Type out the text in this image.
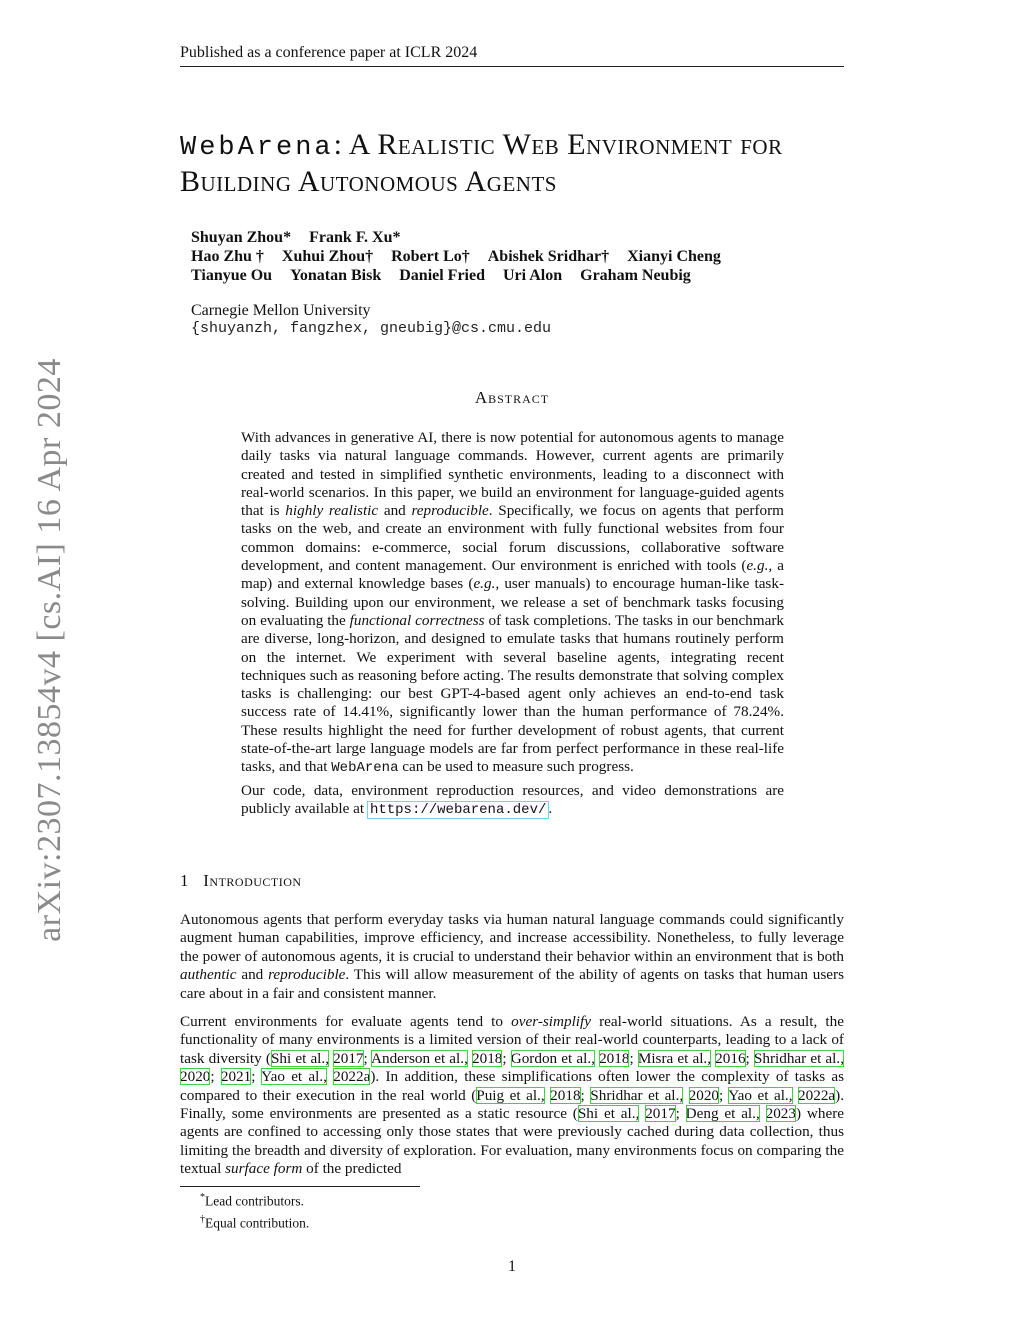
Published as a conference paper at ICLR 2024
arXiv:2307.13854v4 [cs.AI] 16 Apr 2024
WebArena: A Realistic Web Environment for
Building Autonomous Agents
Shuyan Zhou* Frank F. Xu*
Hao Zhu † Xuhui Zhou† Robert Lo† Abishek Sridhar† Xianyi Cheng
Tianyue Ou Yonatan Bisk Daniel Fried Uri Alon Graham Neubig
Carnegie Mellon University
{shuyanzh, fangzhex, gneubig}@cs.cmu.edu
Abstract

With advances in generative AI, there is now potential for autonomous agents to manage daily tasks via natural language commands. However, current agents are primarily created and tested in simplified synthetic environments, leading to a disconnect with real-world scenarios. In this paper, we build an environment for language-guided agents that is highly realistic and reproducible. Specifically, we focus on agents that perform tasks on the web, and create an environment with fully functional websites from four common domains: e-commerce, social forum discussions, collaborative software development, and content management. Our environment is enriched with tools (e.g., a map) and external knowledge bases (e.g., user manuals) to encourage human-like task-solving. Building upon our environment, we release a set of benchmark tasks focusing on evaluating the functional correctness of task completions. The tasks in our benchmark are diverse, long-horizon, and designed to emulate tasks that humans routinely perform on the internet. We experiment with several baseline agents, integrating recent techniques such as reasoning before acting. The results demonstrate that solving complex tasks is challenging: our best GPT-4-based agent only achieves an end-to-end task success rate of 14.41%, significantly lower than the human performance of 78.24%. These results highlight the need for further development of robust agents, that current state-of-the-art large language models are far from perfect performance in these real-life tasks, and that WebArena can be used to measure such progress.

Our code, data, environment reproduction resources, and video demonstrations are publicly available at https://webarena.dev/ .

1 Introduction

Autonomous agents that perform everyday tasks via human natural language commands could significantly augment human capabilities, improve efficiency, and increase accessibility. Nonetheless, to fully leverage the power of autonomous agents, it is crucial to understand their behavior within an environment that is both authentic and reproducible. This will allow measurement of the ability of agents on tasks that human users care about in a fair and consistent manner.

Current environments for evaluate agents tend to over-simplify real-world situations. As a result, the functionality of many environments is a limited version of their real-world counterparts, leading to a lack of task diversity (Shi et al., 2017; Anderson et al., 2018; Gordon et al., 2018; Misra et al., 2016; Shridhar et al., 2020; 2021; Yao et al., 2022a). In addition, these simplifications often lower the complexity of tasks as compared to their execution in the real world (Puig et al., 2018; Shridhar et al., 2020; Yao et al., 2022a). Finally, some environments are presented as a static resource (Shi et al., 2017; Deng et al., 2023) where agents are confined to accessing only those states that were previously cached during data collection, thus limiting the breadth and diversity of exploration. For evaluation, many environments focus on comparing the textual surface form of the predicted

*Lead contributors.
†Equal contribution.
1
